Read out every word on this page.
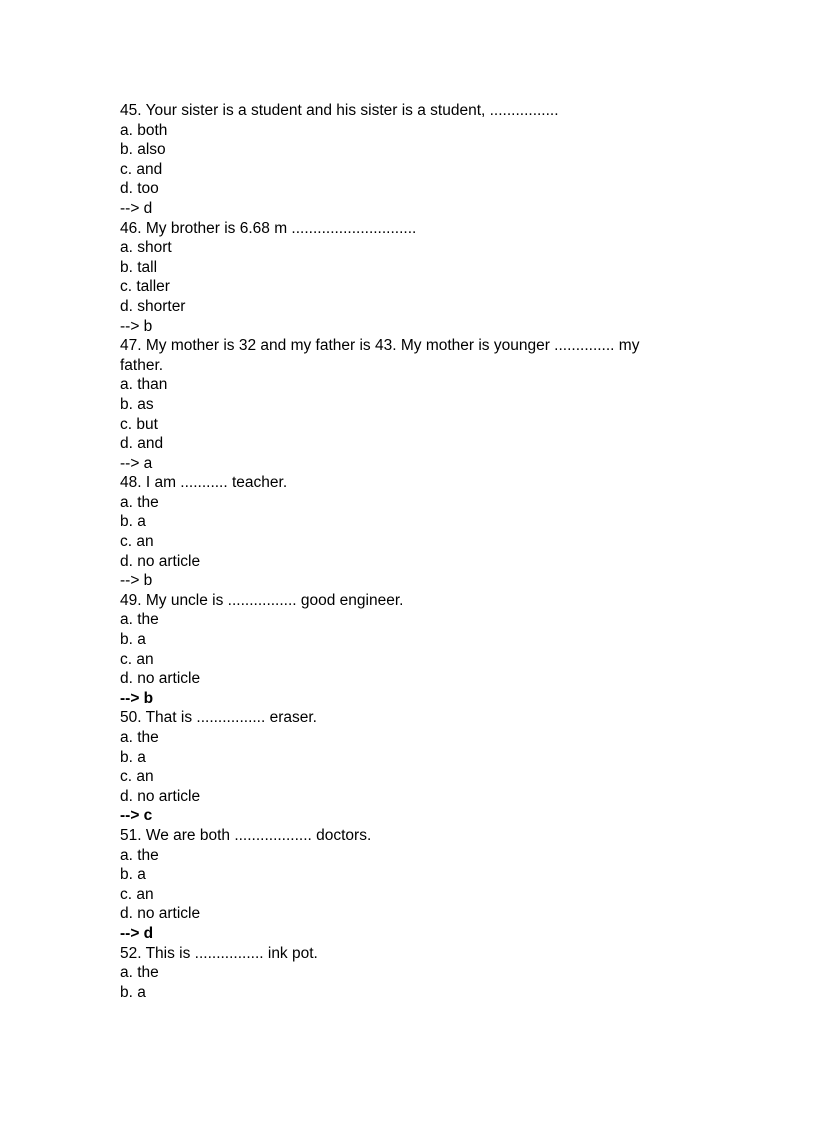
45. Your sister is a student and his sister is a student, ................
a. both
b. also
c. and
d. too
--> d
46. My brother is 6.68 m .............................
a. short
b. tall
c. taller
d. shorter
--> b
47. My mother is 32 and my father is 43. My mother is younger .............. my
father.
a. than
b. as
c. but
d. and
--> a
48. I am ........... teacher.
a. the
b. a
c. an
d. no article
--> b
49. My uncle is ................ good engineer.
a. the
b. a
c. an
d. no article
--> b
50. That is ................ eraser.
a. the
b. a
c. an
d. no article
--> c
51. We are both .................. doctors.
a. the
b. a
c. an
d. no article
--> d
52. This is ................ ink pot.
a. the
b. a
